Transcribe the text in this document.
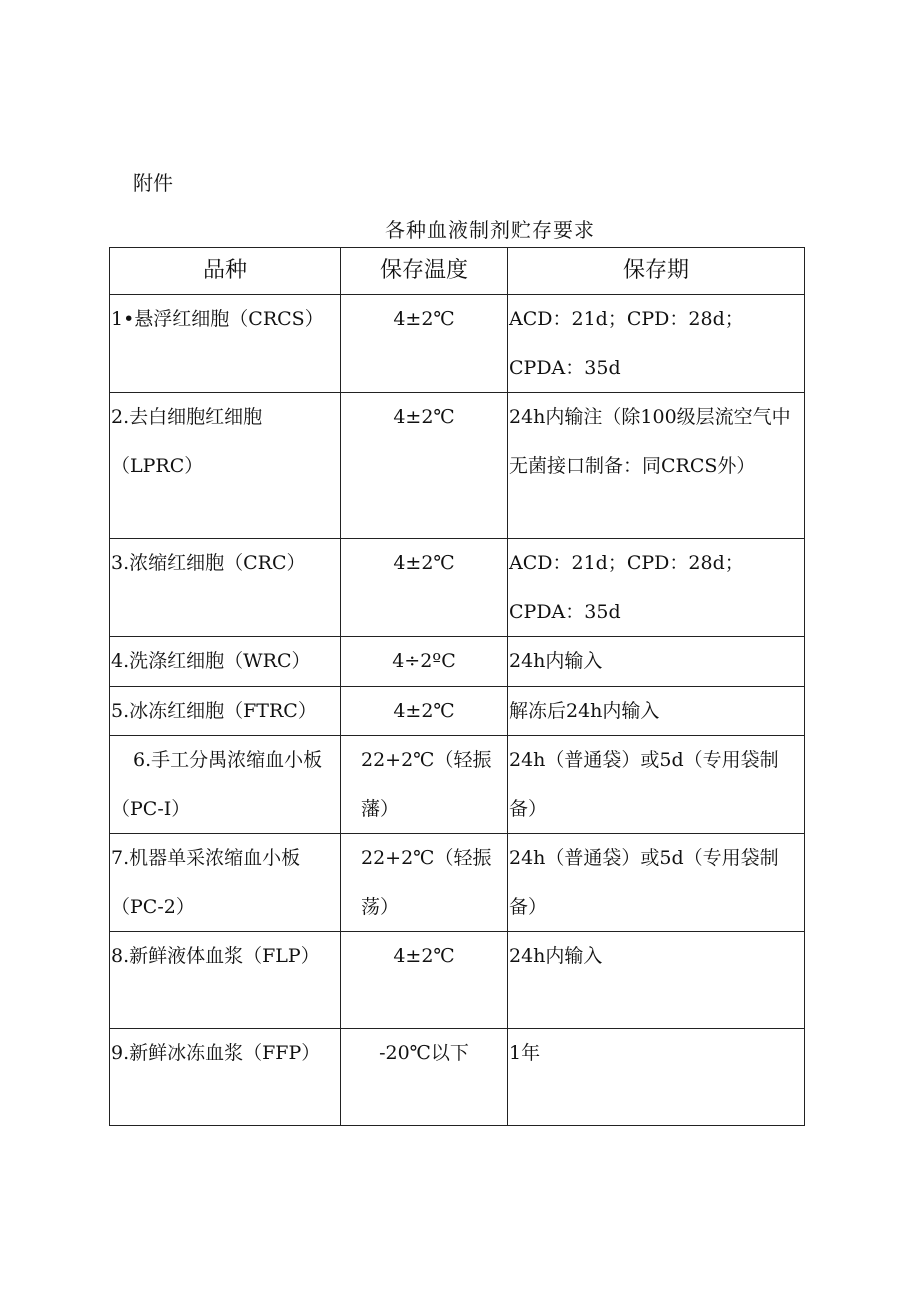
附件
各种血液制剂贮存要求
品种	保存温度	保存期
1•悬浮红细胞（CRCS）	4±2℃	ACD：21d；CPD：28d；CPDA：35d
2.去白细胞红细胞（LPRC）	4±2℃	24h内输注（除100级层流空气中无菌接口制备：同CRCS外）
3.浓缩红细胞（CRC）	4±2℃	ACD：21d；CPD：28d；CPDA：35d
4.洗涤红细胞（WRC）	4÷2ºC	24h内输入
5.冰冻红细胞（FTRC）	4±2℃	解冻后24h内输入
6.手工分禺浓缩血小板（PC-I）	22+2℃（轻振藩）	24h（普通袋）或5d（专用袋制备）
7.机器单采浓缩血小板（PC-2）	22+2℃（轻振荡）	24h（普通袋）或5d（专用袋制备）
8.新鲜液体血浆（FLP）	4±2℃	24h内输入
9.新鲜冰冻血浆（FFP）	-20℃以下	1年
